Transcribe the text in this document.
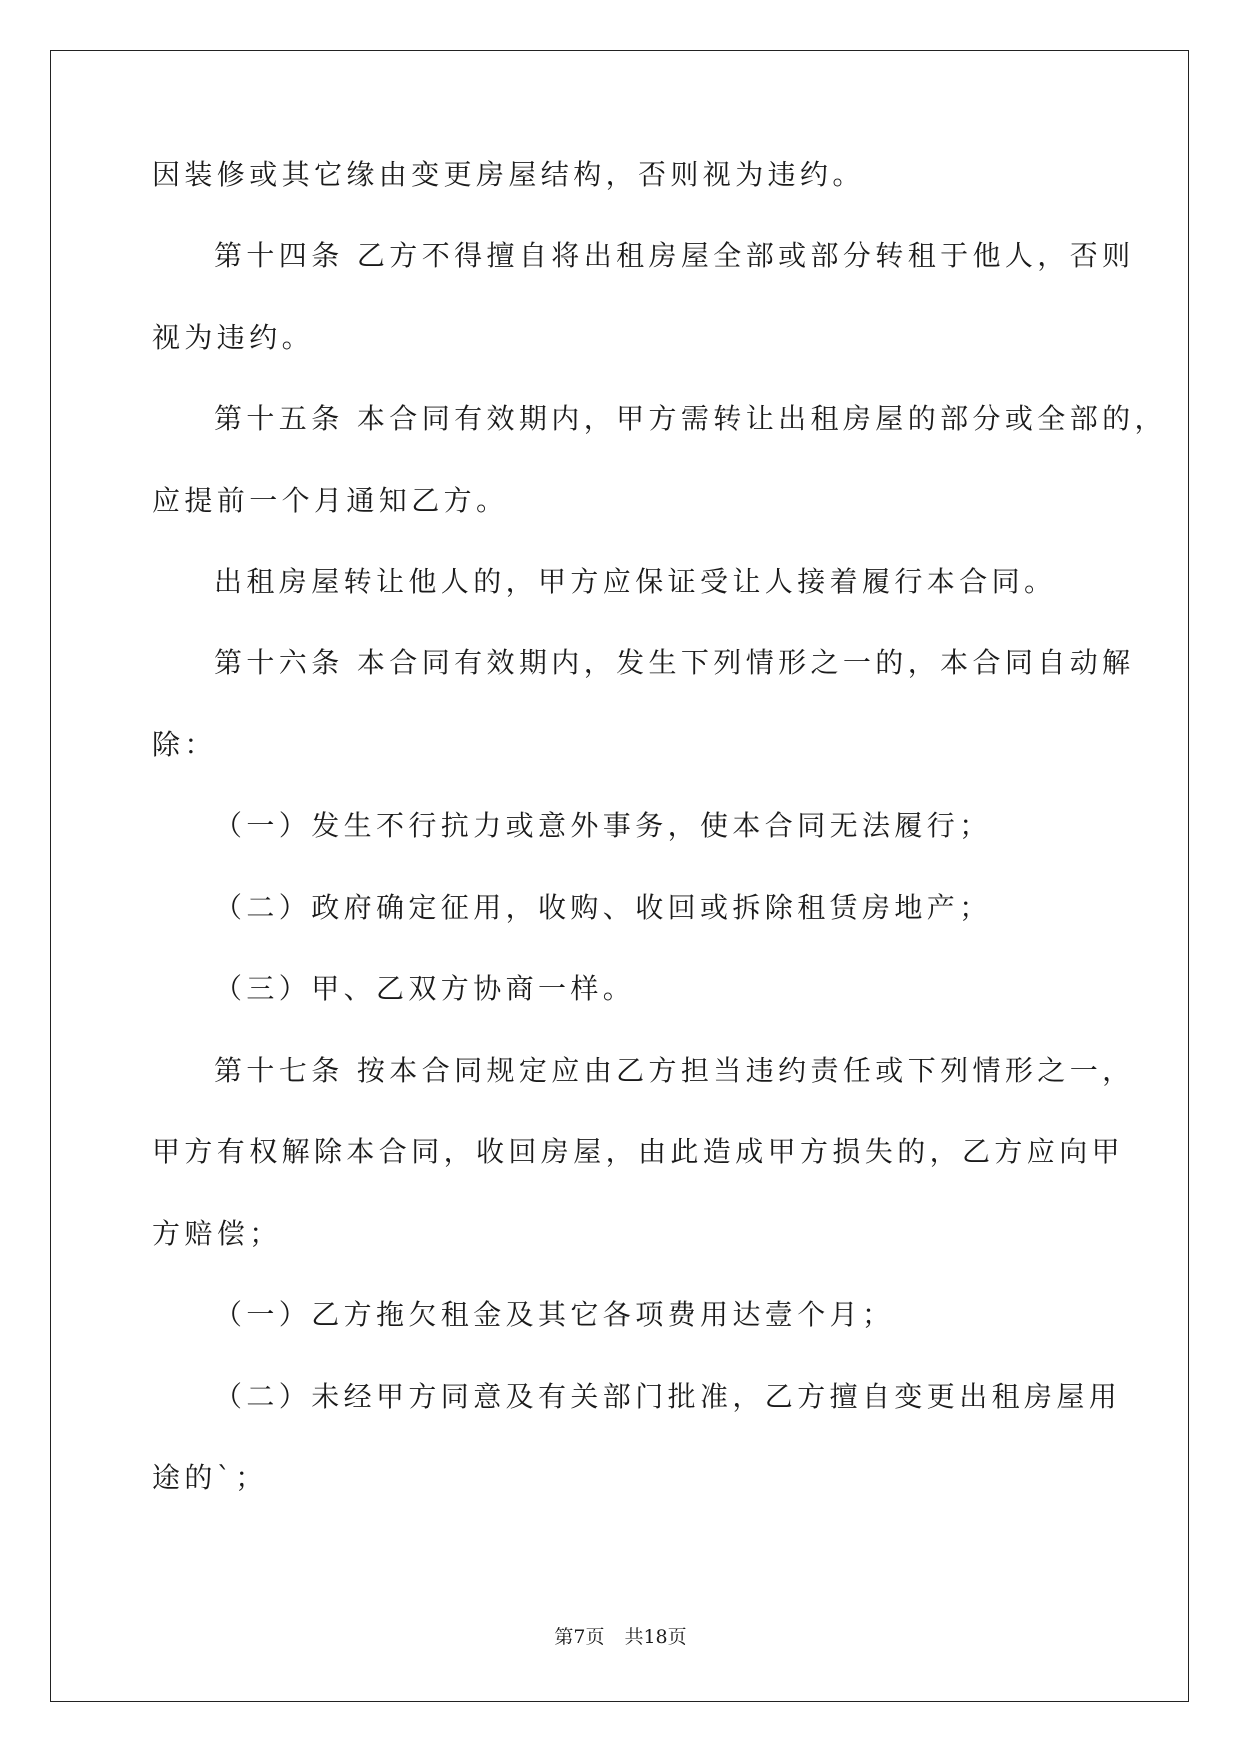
因装修或其它缘由变更房屋结构，否则视为违约。
第十四条 乙方不得擅自将出租房屋全部或部分转租于他人，否则
视为违约。
第十五条 本合同有效期内，甲方需转让出租房屋的部分或全部的，
应提前一个月通知乙方。
出租房屋转让他人的，甲方应保证受让人接着履行本合同。
第十六条 本合同有效期内，发生下列情形之一的，本合同自动解
除：
（一）发生不行抗力或意外事务，使本合同无法履行；
（二）政府确定征用，收购、收回或拆除租赁房地产；
（三）甲、乙双方协商一样。
第十七条 按本合同规定应由乙方担当违约责任或下列情形之一，
甲方有权解除本合同，收回房屋，由此造成甲方损失的，乙方应向甲
方赔偿；
（一）乙方拖欠租金及其它各项费用达壹个月；
（二）未经甲方同意及有关部门批准，乙方擅自变更出租房屋用
途的`；
第7页 共18页
